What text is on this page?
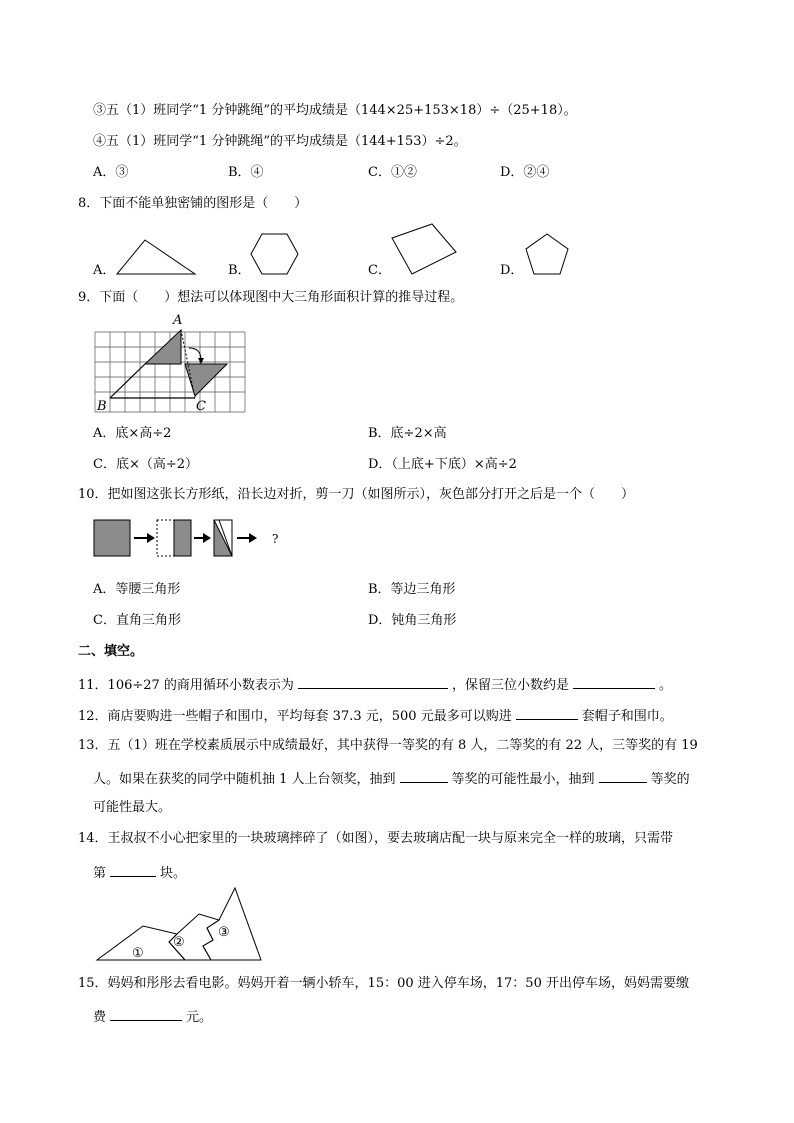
③五（1）班同学“1 分钟跳绳”的平均成绩是（144×25+153×18）÷（25+18）。
④五（1）班同学“1 分钟跳绳”的平均成绩是（144+153）÷2。
A．③	B．④	C．①②	D．②④
8．下面不能单独密铺的图形是（　　）
A．	B．	C．	D．
9．下面（　　）想法可以体现图中大三角形面积计算的推导过程。
A
B	C
A．底×高÷2	B．底÷2×高
C．底×（高÷2）	D．（上底+下底）×高÷2
10．把如图这张长方形纸，沿长边对折，剪一刀（如图所示），灰色部分打开之后是一个（　　）
?
A．等腰三角形	B．等边三角形
C．直角三角形	D．钝角三角形
二、填空。
11．106÷27 的商用循环小数表示为	，保留三位小数约是	。
12．商店要购进一些帽子和围巾，平均每套 37.3 元，500 元最多可以购进	套帽子和围巾。
13．五（1）班在学校素质展示中成绩最好，其中获得一等奖的有 8 人，二等奖的有 22 人，三等奖的有 19
人。如果在获奖的同学中随机抽 1 人上台领奖，抽到	等奖的可能性最小，抽到	等奖的
可能性最大。
14．王叔叔不小心把家里的一块玻璃摔碎了（如图），要去玻璃店配一块与原来完全一样的玻璃，只需带
第	块。
①
②
③
15．妈妈和彤彤去看电影。妈妈开着一辆小轿车，15：00 进入停车场，17：50 开出停车场，妈妈需要缴
费	元。
